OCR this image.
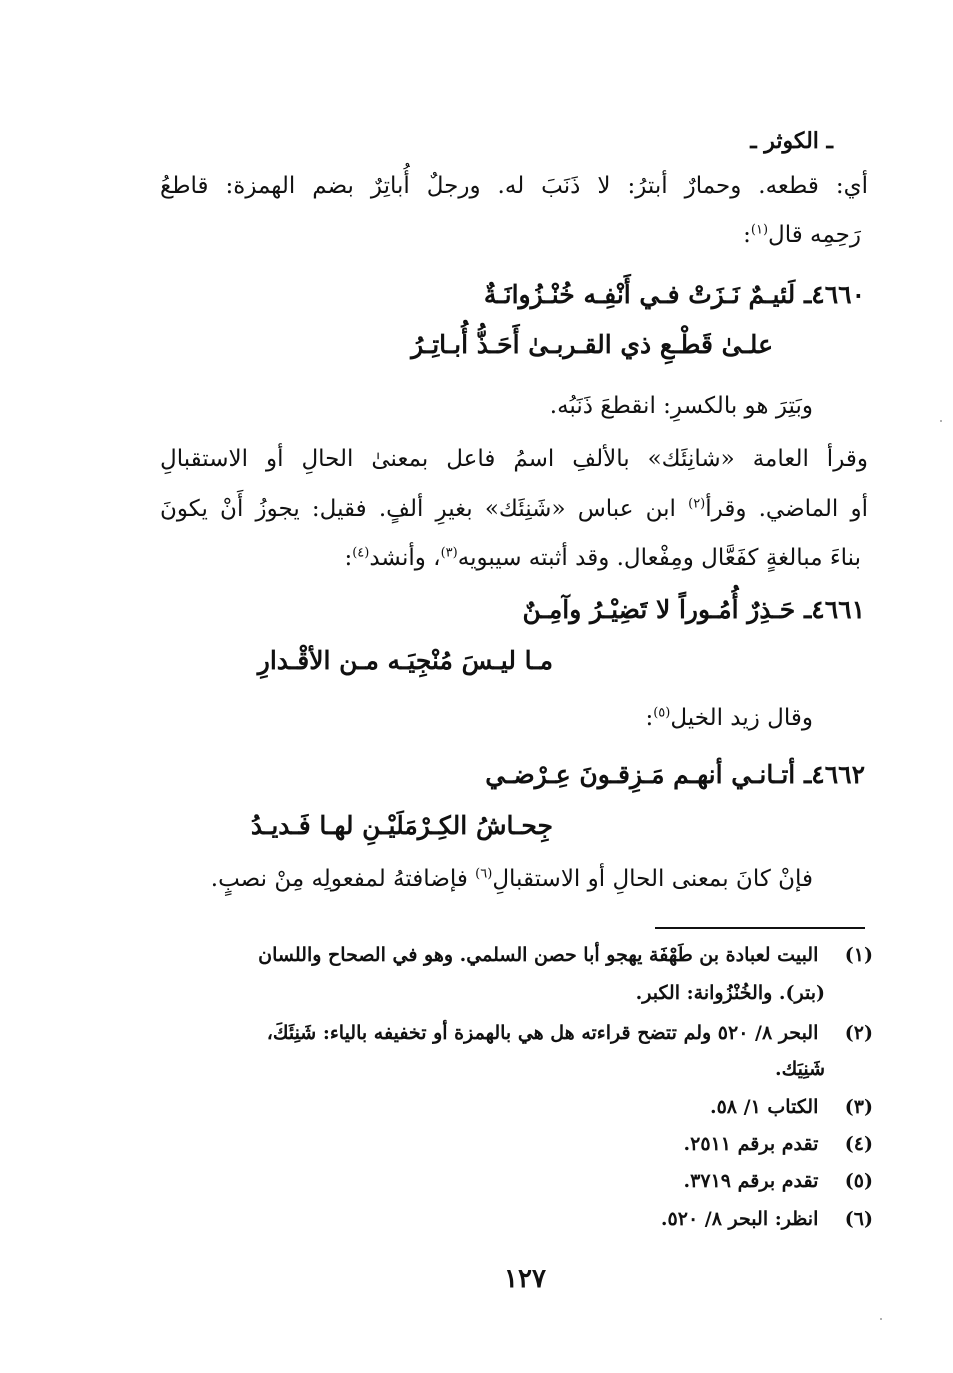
ـ الكوثر ـ
أي: قطعه. وحمارٌ أبترُ: لا ذَنَبَ له. ورجلٌ أُباتِرٌ بضم الهمزة: قاطعُ
رَحِمِه قال$^{(١)}$:
٤٦٦٠ـ لَئيـمٌ نَـزَتْ فـي أَنْفِـه خُنْـزُوانَـةٌ
علـىٰ قَطْـعِ ذي القـربـىٰ أَحَـذُّ أُبـاتِـرُ
وبَتِرَ هو بالكسرِ: انقطعَ ذَنَبُه.
وقرأ العامة «شانِئَك» بالألفِ اسمُ فاعل بمعنىٰ الحالِ أو الاستقبالِ
أو الماضي. وقرأ$^{(٢)}$ ابن عباس «شَنِئَك» بغيرِ ألفٍ. فقيل: يجوزُ أَنْ يكونَ
بناءَ مبالغةٍ كفَعَّال ومِفْعال. وقد أثبته سيبويه$^{(٣)}$، وأنشد$^{(٤)}$:
٤٦٦١ـ حَـذِرٌ أُمُـوراً لا تَضِيْـرُ وآمِـنٌ
مـا ليـسَ مُنْجِيَـه مـن الأقْـدارِ
وقال زيد الخيل$^{(٥)}$:
٤٦٦٢ـ أتـانـي أنهـم مَـزِقـونَ عِـرْضـي
جِحـاشُ الكِـرْمَلَيْـنِ لهـا فَـديـدُ
فإنْ كانَ بمعنى الحالِ أو الاستقبالِ$^{(٦)}$ فإضافتهُ لمفعولِه مِنْ نصبٍ.
(١) البيت لعبادة بن طَهْفَة يهجو أبا حصن السلمي. وهو في الصحاح واللسان
(بتر). والخُنْزُوانة: الكبر.
(٢) البحر ٨/ ٥٢٠ ولم تتضح قراءته هل هي بالهمزة أو تخفيفه بالياء: شَنِئَكَ،
شَنِيَك.
(٣) الكتاب ١/ ٥٨.
(٤) تقدم برقم ٢٥١١.
(٥) تقدم برقم ٣٧١٩.
(٦) انظر: البحر ٨/ ٥٢٠.
١٢٧
